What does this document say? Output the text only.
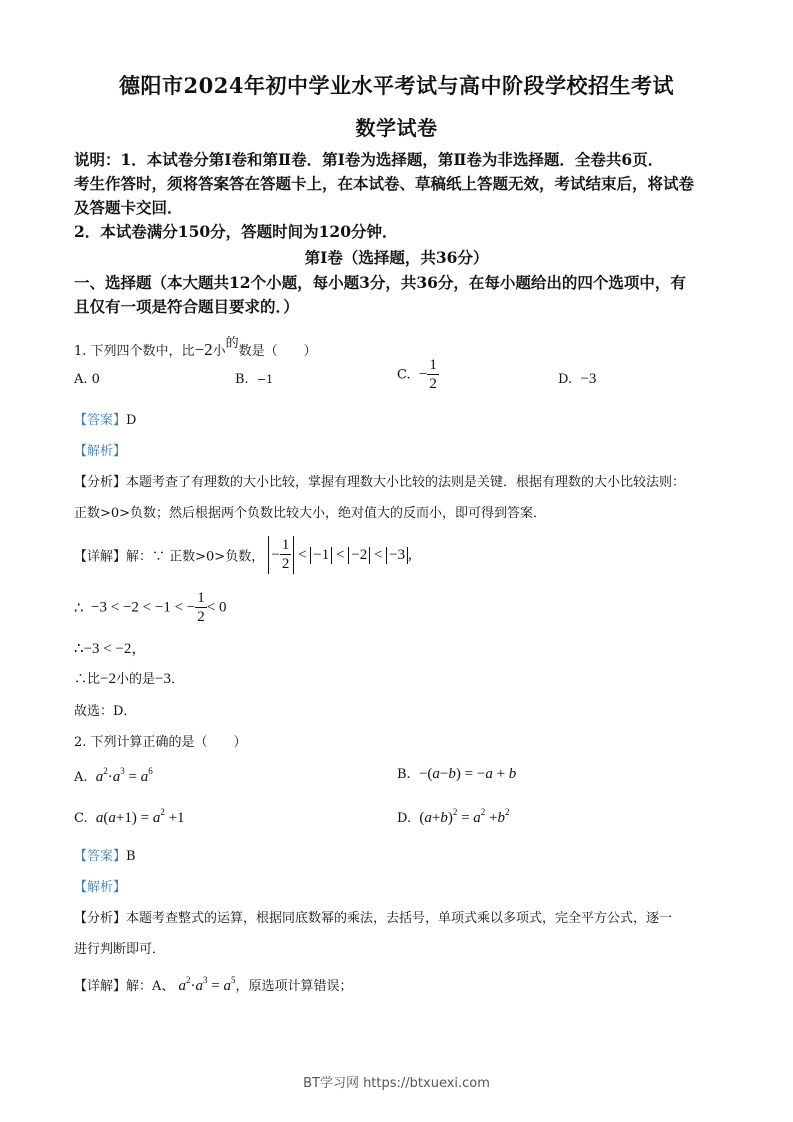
德阳市2024年初中学业水平考试与高中阶段学校招生考试
数学试卷
说明：1．本试卷分第Ⅰ卷和第Ⅱ卷．第Ⅰ卷为选择题，第Ⅱ卷为非选择题．全卷共6页．
考生作答时，须将答案答在答题卡上，在本试卷、草稿纸上答题无效，考试结束后，将试卷
及答题卡交回．
2．本试卷满分150分，答题时间为120分钟．
第Ⅰ卷（选择题，共36分）
一、选择题（本大题共12个小题，每小题3分，共36分，在每小题给出的四个选项中，有
且仅有一项是符合题目要求的．）
1. 下列四个数中，比−2小$^的$数是（　　）
A. 0	B. −1	C. − $\frac{1}{2}$	D. −3
【答案】D
【解析】
【分析】本题考查了有理数的大小比较，掌握有理数大小比较的法则是关键．根据有理数的大小比较法则：
正数>0>负数；然后根据两个负数比较大小，绝对值大的反而小，即可得到答案．
【详解】解：∵ 正数>0>负数， − $\frac{1}{2} < -1 < -2 < -3$ ,
∴ −3 < −2 < −1 < − $\frac{1}{2} < 0$
∴−3 < −2，
∴比−2小的是−3．
故选：D．
2. 下列计算正确的是（　　）
A. $a^2\cdot a^3 = a^6$	B. −(a−b) = −a + b
C. $a(a+1) = a^2 +1$	D. $(a+b)^2 = a^2 +b^2$
【答案】B
【解析】
【分析】本题考查整式的运算，根据同底数幂的乘法，去括号，单项式乘以多项式，完全平方公式，逐一
进行判断即可．
【详解】解：A、 $a^2\cdot a^3 = a^5$，原选项计算错误；
BT学习网 https://btxuexi.com
